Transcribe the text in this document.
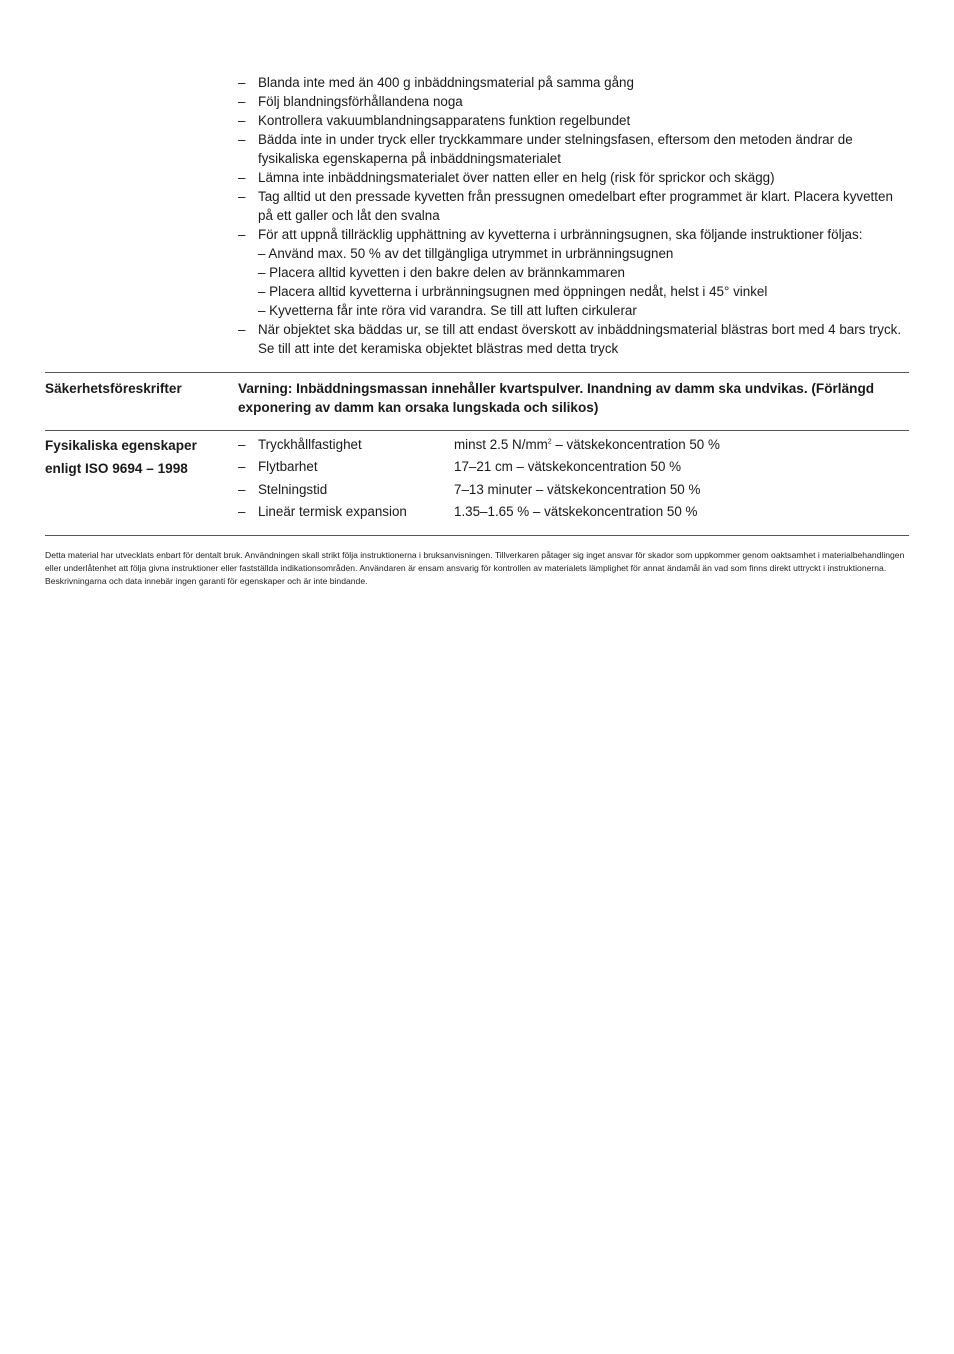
– Blanda inte med än 400 g inbäddningsmaterial på samma gång
– Följ blandningsförhållandena noga
– Kontrollera vakuumblandningsapparatens funktion regelbundet
– Bädda inte in under tryck eller tryckkammare under stelningsfasen, eftersom den metoden ändrar de fysikaliska egenskaperna på inbäddningsmaterialet
– Lämna inte inbäddningsmaterialet över natten eller en helg (risk för sprickor och skägg)
– Tag alltid ut den pressade kyvetten från pressugnen omedelbart efter programmet är klart. Placera kyvetten på ett galler och låt den svalna
– För att uppnå tillräcklig upphättning av kyvetterna i urbränningsugnen, ska följande instruktioner följas:
– Använd max. 50 % av det tillgängliga utrymmet in urbränningsugnen
– Placera alltid kyvetten i den bakre delen av brännkammaren
– Placera alltid kyvetterna i urbränningsugnen med öppningen nedåt, helst i 45° vinkel
– Kyvetterna får inte röra vid varandra. Se till att luften cirkulerar
– När objektet ska bäddas ur, se till att endast överskott av inbäddningsmaterial blästras bort med 4 bars tryck. Se till att inte det keramiska objektet blästras med detta tryck
Säkerhetsföreskrifter	Varning: Inbäddningsmassan innehåller kvartspulver. Inandning av damm ska undvikas. (Förlängd exponering av damm kan orsaka lungskada och silikos)
Fysikaliska egenskaper
enligt ISO 9694 – 1998
– Tryckhållfastighet	minst 2.5 $N/mm^2$ – vätskekoncentration 50 %
– Flytbarhet	17–21 cm – vätskekoncentration 50 %
– Stelningstid	7–13 minuter – vätskekoncentration 50 %
– Lineär termisk expansion	1.35–1.65 % – vätskekoncentration 50 %
Detta material har utvecklats enbart för dentalt bruk. Användningen skall strikt följa instruktionerna i bruksanvisningen. Tillverkaren påtager sig inget ansvar för skador som uppkommer genom oaktsamhet i materialbehandlingen eller underlåtenhet att följa givna instruktioner eller fastställda indikationsområden. Användaren är ensam ansvarig för kontrollen av materialets lämplighet för annat ändamål än vad som finns direkt uttryckt i instruktionerna. Beskrivningarna och data innebär ingen garanti för egenskaper och är inte bindande.
